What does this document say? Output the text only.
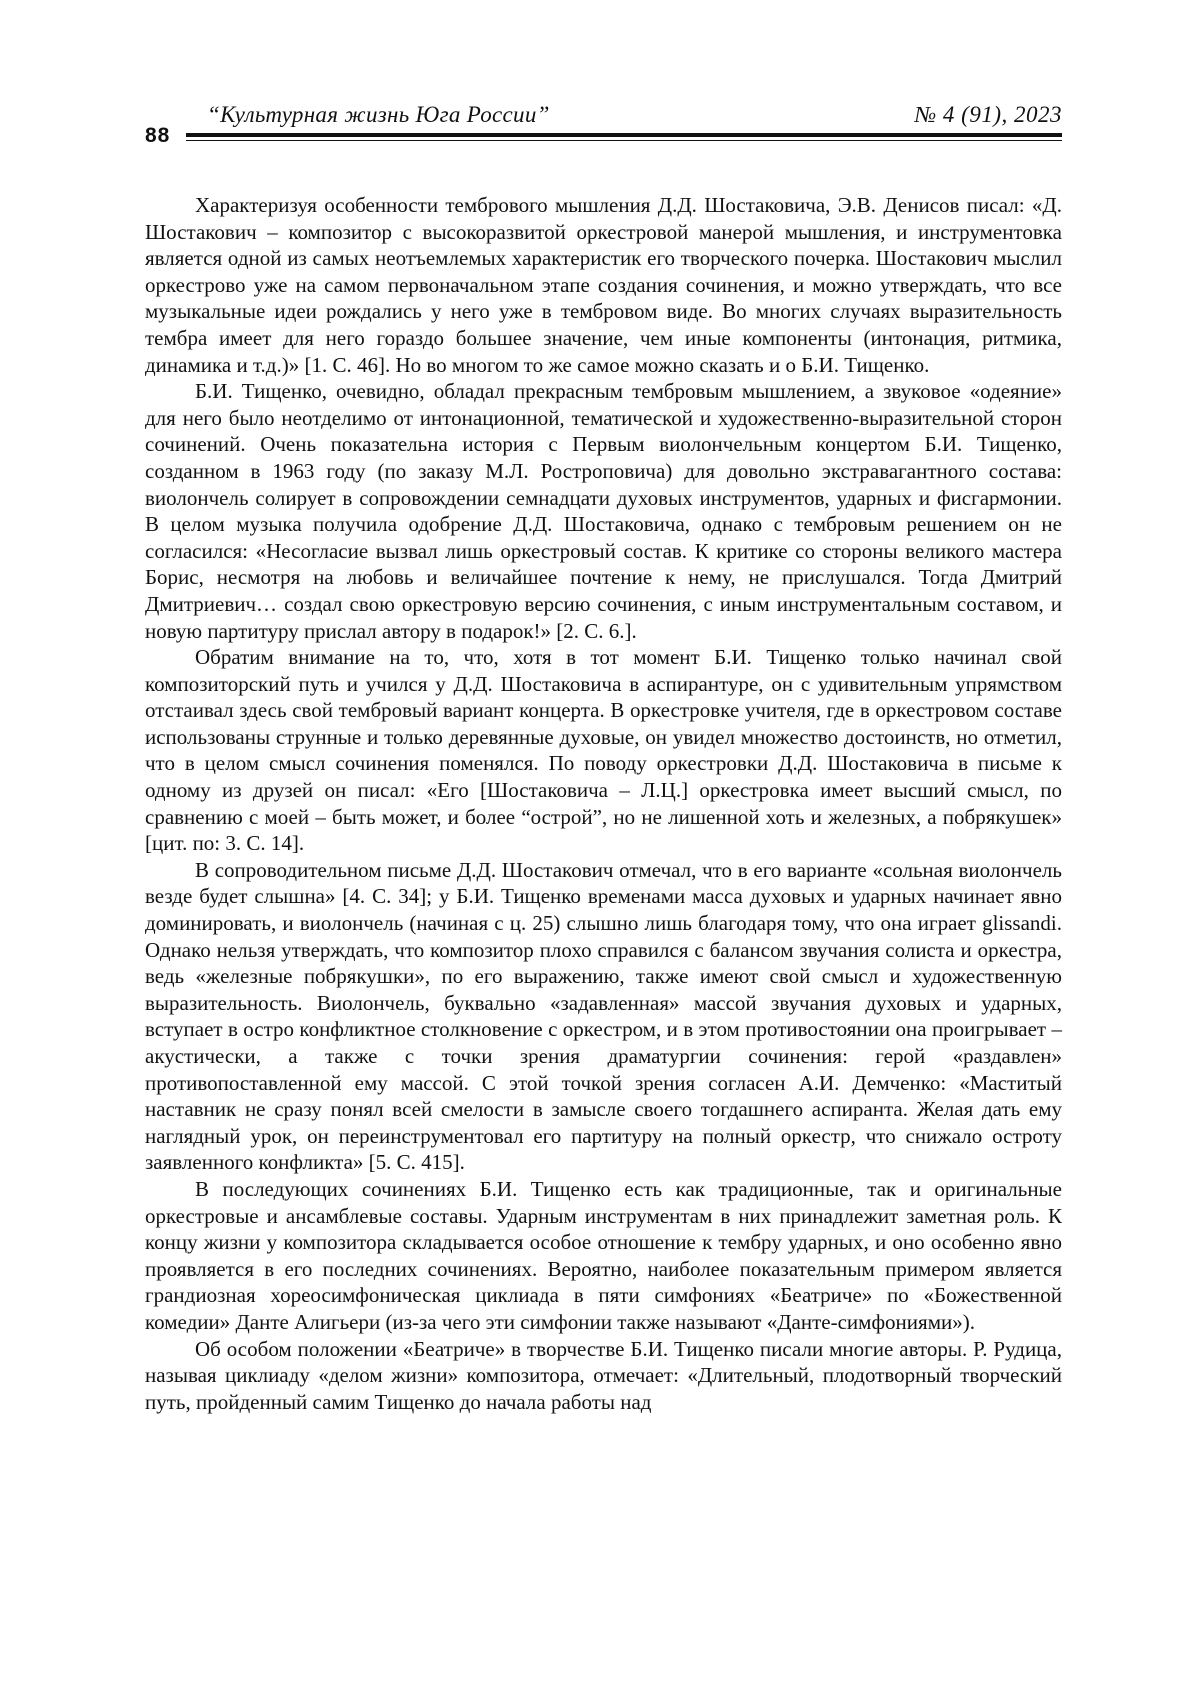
88
“Культурная жизнь Юга России”	№ 4 (91), 2023

Характеризуя особенности тембрового мышления Д.Д. Шостаковича, Э.В. Денисов писал: «Д. Шостакович – композитор с высокоразвитой оркестровой манерой мышления, и инструментовка является одной из самых неотъемлемых характеристик его творческого почерка. Шостакович мыслил оркестрово уже на самом первоначальном этапе создания сочинения, и можно утверждать, что все музыкальные идеи рождались у него уже в тембровом виде. Во многих случаях выразительность тембра имеет для него гораздо большее значение, чем иные компоненты (интонация, ритмика, динамика и т.д.)» [1. С. 46]. Но во многом то же самое можно сказать и о Б.И. Тищенко.

Б.И. Тищенко, очевидно, обладал прекрасным тембровым мышлением, а звуковое «одеяние» для него было неотделимо от интонационной, тематической и художественно-выразительной сторон сочинений. Очень показательна история с Первым виолончельным концертом Б.И. Тищенко, созданном в 1963 году (по заказу М.Л. Ростроповича) для довольно экстравагантного состава: виолончель солирует в сопровождении семнадцати духовых инструментов, ударных и фисгармонии. В целом музыка получила одобрение Д.Д. Шостаковича, однако с тембровым решением он не согласился: «Несогласие вызвал лишь оркестровый состав. К критике со стороны великого мастера Борис, несмотря на любовь и величайшее почтение к нему, не прислушался. Тогда Дмитрий Дмитриевич… создал свою оркестровую версию сочинения, с иным инструментальным составом, и новую партитуру прислал автору в подарок!» [2. С. 6.].

Обратим внимание на то, что, хотя в тот момент Б.И. Тищенко только начинал свой композиторский путь и учился у Д.Д. Шостаковича в аспирантуре, он с удивительным упрямством отстаивал здесь свой тембровый вариант концерта. В оркестровке учителя, где в оркестровом составе использованы струнные и только деревянные духовые, он увидел множество достоинств, но отметил, что в целом смысл сочинения поменялся. По поводу оркестровки Д.Д. Шостаковича в письме к одному из друзей он писал: «Его [Шостаковича – Л.Ц.] оркестровка имеет высший смысл, по сравнению с моей – быть может, и более “острой”, но не лишенной хоть и железных, а побрякушек» [цит. по: 3. С. 14].

В сопроводительном письме Д.Д. Шостакович отмечал, что в его варианте «сольная виолончель везде будет слышна» [4. С. 34]; у Б.И. Тищенко временами масса духовых и ударных начинает явно доминировать, и виолончель (начиная с ц. 25) слышно лишь благодаря тому, что она играет glissandi. Однако нельзя утверждать, что композитор плохо справился с балансом звучания солиста и оркестра, ведь «железные побрякушки», по его выражению, также имеют свой смысл и художественную выразительность. Виолончель, буквально «задавленная» массой звучания духовых и ударных, вступает в остро конфликтное столкновение с оркестром, и в этом противостоянии она проигрывает – акустически, а также с точки зрения драматургии сочинения: герой «раздавлен» противопоставленной ему массой. С этой точкой зрения согласен А.И. Демченко: «Маститый наставник не сразу понял всей смелости в замысле своего тогдашнего аспиранта. Желая дать ему наглядный урок, он переинструментовал его партитуру на полный оркестр, что снижало остроту заявленного конфликта» [5. С. 415].

В последующих сочинениях Б.И. Тищенко есть как традиционные, так и оригинальные оркестровые и ансамблевые составы. Ударным инструментам в них принадлежит заметная роль. К концу жизни у композитора складывается особое отношение к тембру ударных, и оно особенно явно проявляется в его последних сочинениях. Вероятно, наиболее показательным примером является грандиозная хореосимфоническая циклиада в пяти симфониях «Беатриче» по «Божественной комедии» Данте Алигьери (из-за чего эти симфонии также называют «Данте-симфониями»).

Об особом положении «Беатриче» в творчестве Б.И. Тищенко писали многие авторы. Р. Рудица, называя циклиаду «делом жизни» композитора, отмечает: «Длительный, плодотворный творческий путь, пройденный самим Тищенко до начала работы над
